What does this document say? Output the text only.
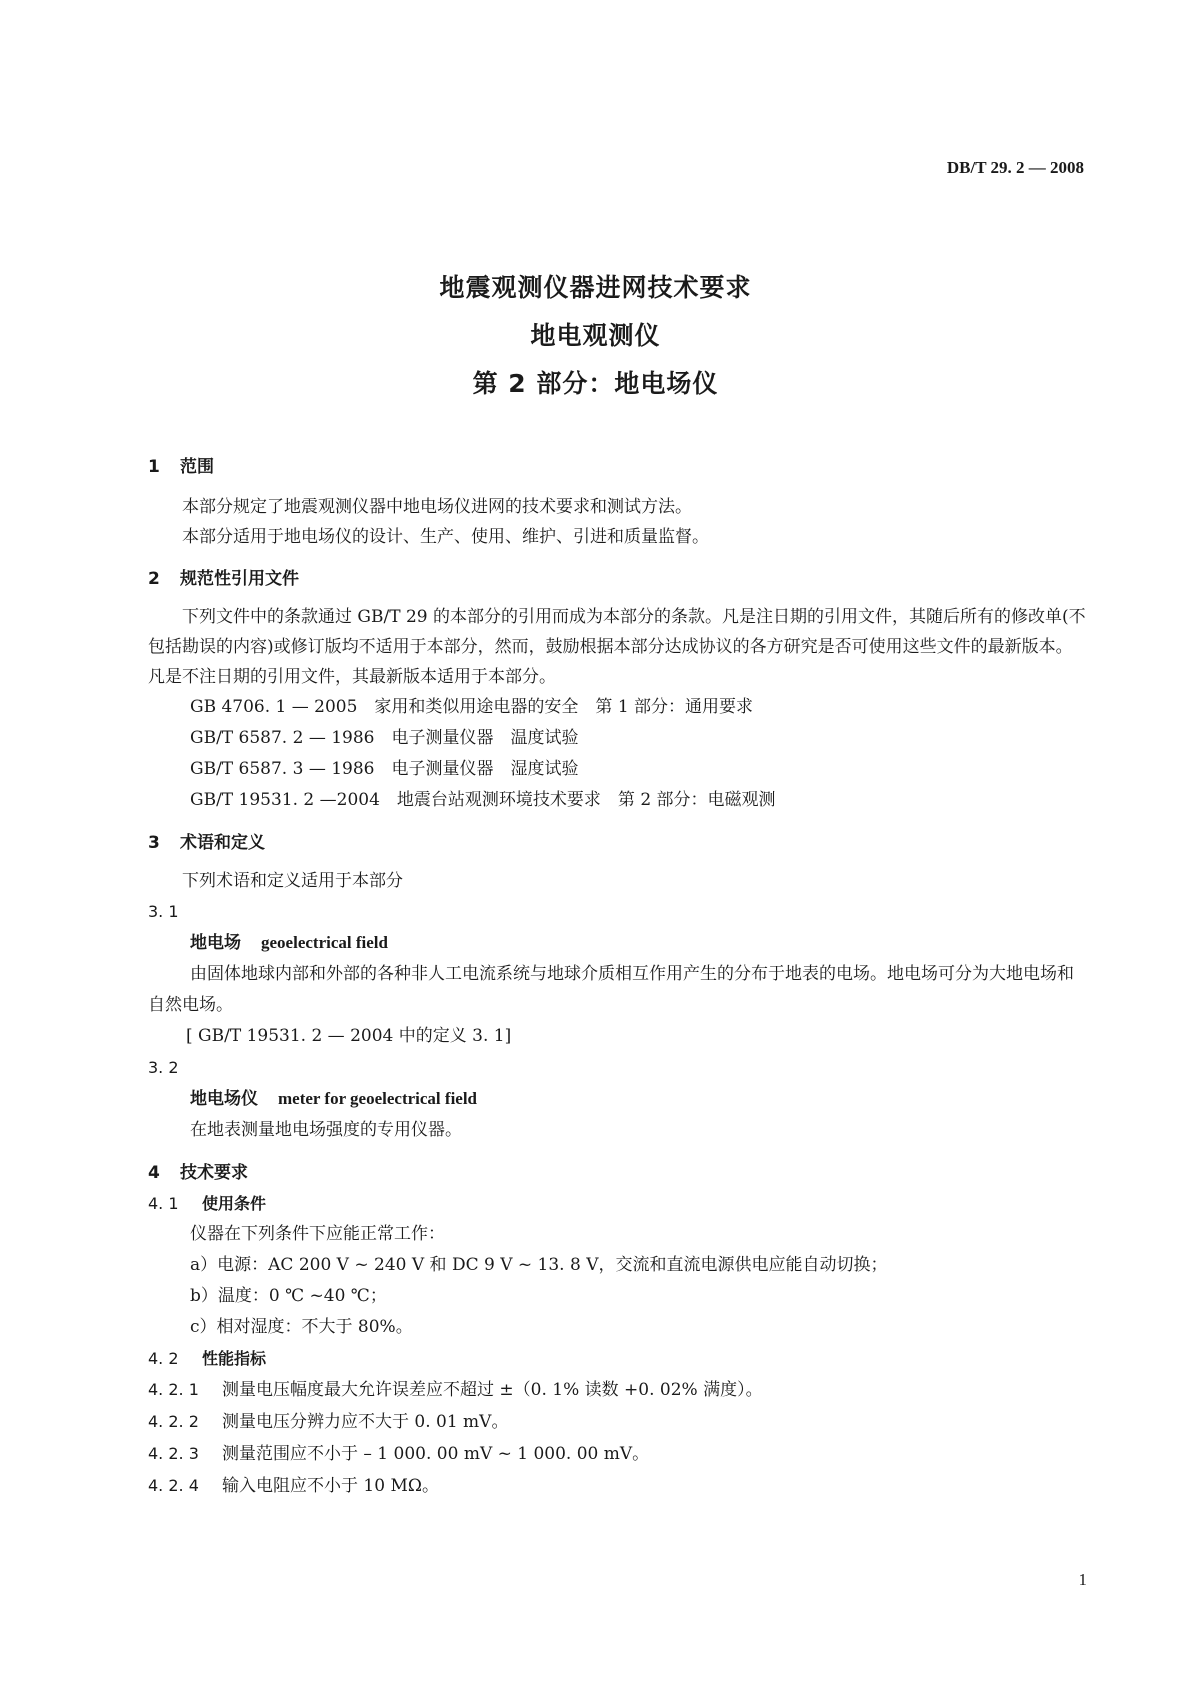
DB/T 29. 2 — 2008

地震观测仪器进网技术要求

地电观测仪

第 2 部分：地电场仪

1 范围

本部分规定了地震观测仪器中地电场仪进网的技术要求和测试方法。

本部分适用于地电场仪的设计、生产、使用、维护、引进和质量监督。

2 规范性引用文件

下列文件中的条款通过 GB/T 29 的本部分的引用而成为本部分的条款。凡是注日期的引用文件，其随后所有的修改单(不包括勘误的内容)或修订版均不适用于本部分，然而，鼓励根据本部分达成协议的各方研究是否可使用这些文件的最新版本。凡是不注日期的引用文件，其最新版本适用于本部分。

GB 4706. 1 — 2005　家用和类似用途电器的安全　第 1 部分：通用要求

GB/T 6587. 2 — 1986　电子测量仪器　温度试验

GB/T 6587. 3 — 1986　电子测量仪器　湿度试验

GB/T 19531. 2 —2004　地震台站观测环境技术要求　第 2 部分：电磁观测

3 术语和定义

下列术语和定义适用于本部分

3. 1

地电场 geoelectrical field

由固体地球内部和外部的各种非人工电流系统与地球介质相互作用产生的分布于地表的电场。地电场可分为大地电场和自然电场。

[ GB/T 19531. 2 — 2004 中的定义 3. 1]

3. 2

地电场仪 meter for geoelectrical field

在地表测量地电场强度的专用仪器。

4 技术要求

4. 1 使用条件

仪器在下列条件下应能正常工作：

a）电源：AC 200 V ~ 240 V 和 DC 9 V ~ 13. 8 V，交流和直流电源供电应能自动切换；

b）温度：0 ℃ ~40 ℃；

c）相对湿度：不大于 80%。

4. 2 性能指标

4. 2. 1 测量电压幅度最大允许误差应不超过 ±（0. 1% 读数 +0. 02% 满度）。

4. 2. 2 测量电压分辨力应不大于 0. 01 mV。

4. 2. 3 测量范围应不小于 – 1 000. 00 mV ~ 1 000. 00 mV。

4. 2. 4 输入电阻应不小于 10 MΩ。

1
